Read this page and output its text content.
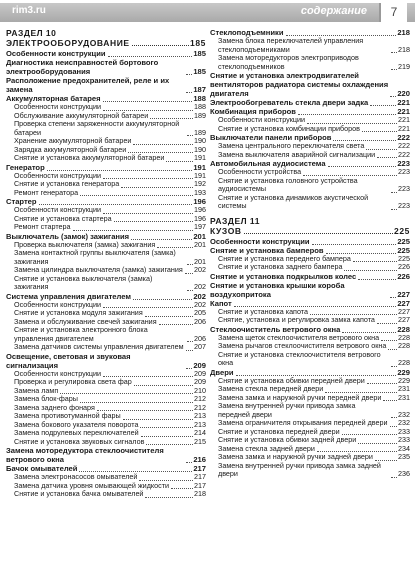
rim3.ru	содержание	7
РАЗДЕЛ 10
ЭЛЕКТРООБОРУДОВАНИЕ	185
Особенности конструкции	185
Диагностика неисправностей бортового электрооборудования	185
Расположение предохранителей, реле и их замена	187
Аккумуляторная батарея	188
Особенности конструкции	188
Обслуживание аккумуляторной батареи	189
Проверка степени заряженности аккумуляторной батареи	189
Хранение аккумуляторной батареи	190
Зарядка аккумуляторной батареи	190
Снятие и установка аккумуляторной батареи	191
Генератор	191
Особенности конструкции	191
Снятие и установка генератора	192
Ремонт генератора	193
Стартер	196
Особенности конструкции	196
Снятие и установка стартера	196
Ремонт стартера	197
Выключатель (замок) зажигания	201
Проверка выключателя (замка) зажигания	201
Замена контактной группы выключателя (замка) зажигания	201
Замена цилиндра выключателя (замка) зажигания 202
Снятие и установка выключателя (замка) зажигания	202
Система управления двигателем	202
Особенности конструкции	202
Снятие и установка модуля зажигания	205
Замена и обслуживание свечей зажигания	206
Снятие и установка электронного блока управления двигателем	206
Замена датчиков системы управления двигателем 207
Освещение, световая и звуковая сигнализация	209
Особенности конструкции	209
Проверка и регулировка света фар	209
Замена ламп	210
Замена блок-фары	212
Замена заднего фонаря	212
Замена противотуманной фары	213
Замена бокового указателя поворота	213
Замена подрулевых переключателей	214
Снятие и установка звуковых сигналов	215
Замена моторедуктора стеклоочистителя ветрового окна	216
Бачок омывателей	217
Замена электронасосов омывателей	217
Замена датчика уровня омывающей жидкости	217
Снятие и установка бачка омывателей	218
Стеклоподъемники	218
Замена блока переключателей управления стеклоподъемниками	218
Замена моторедукторов электроприводов стеклоподъемников	219
Снятие и установка электродвигателей вентиляторов радиатора системы охлаждения двигателя	220
Электрообогреватель стекла двери задка	221
Комбинация приборов	221
Особенности конструкции	221
Снятие и установка комбинации приборов	221
Выключатели панели приборов	222
Замена центрального переключателя света	222
Замена выключателя аварийной сигнализации	222
Автомобильная аудиосистема	223
Особенности устройства	223
Снятие и установка головного устройства аудиосистемы	223
Снятие и установка динамиков акустической системы	223
РАЗДЕЛ 11
КУЗОВ	225
Особенности конструкции	225
Снятие и установка бамперов	225
Снятие и установка переднего бампера	225
Снятие и установка заднего бампера	226
Снятие и установка подкрылков колес	226
Снятие и установка крышки короба воздухопритока	227
Капот	227
Снятие и установка капота	227
Снятие, установка и регулировка замка капота	227
Стеклоочиститель ветрового окна	228
Замена щеток стеклоочистителя ветрового окна	228
Замена рычагов стеклоочистителя ветрового окна 228
Снятие и установка стеклоочистителя ветрового окна	228
Двери	229
Снятие и установка обивки передней двери	229
Замена стекла передней двери	231
Замена замка и наружной ручки передней двери 231
Замена внутренней ручки привода замка передней двери	232
Замена ограничителя открывания передней двери 232
Снятие и установка передней двери	233
Снятие и установка обивки задней двери	233
Замена стекла задней двери	234
Замена замка и наружной ручки задней двери	235
Замена внутренней ручки привода замка задней двери	236
